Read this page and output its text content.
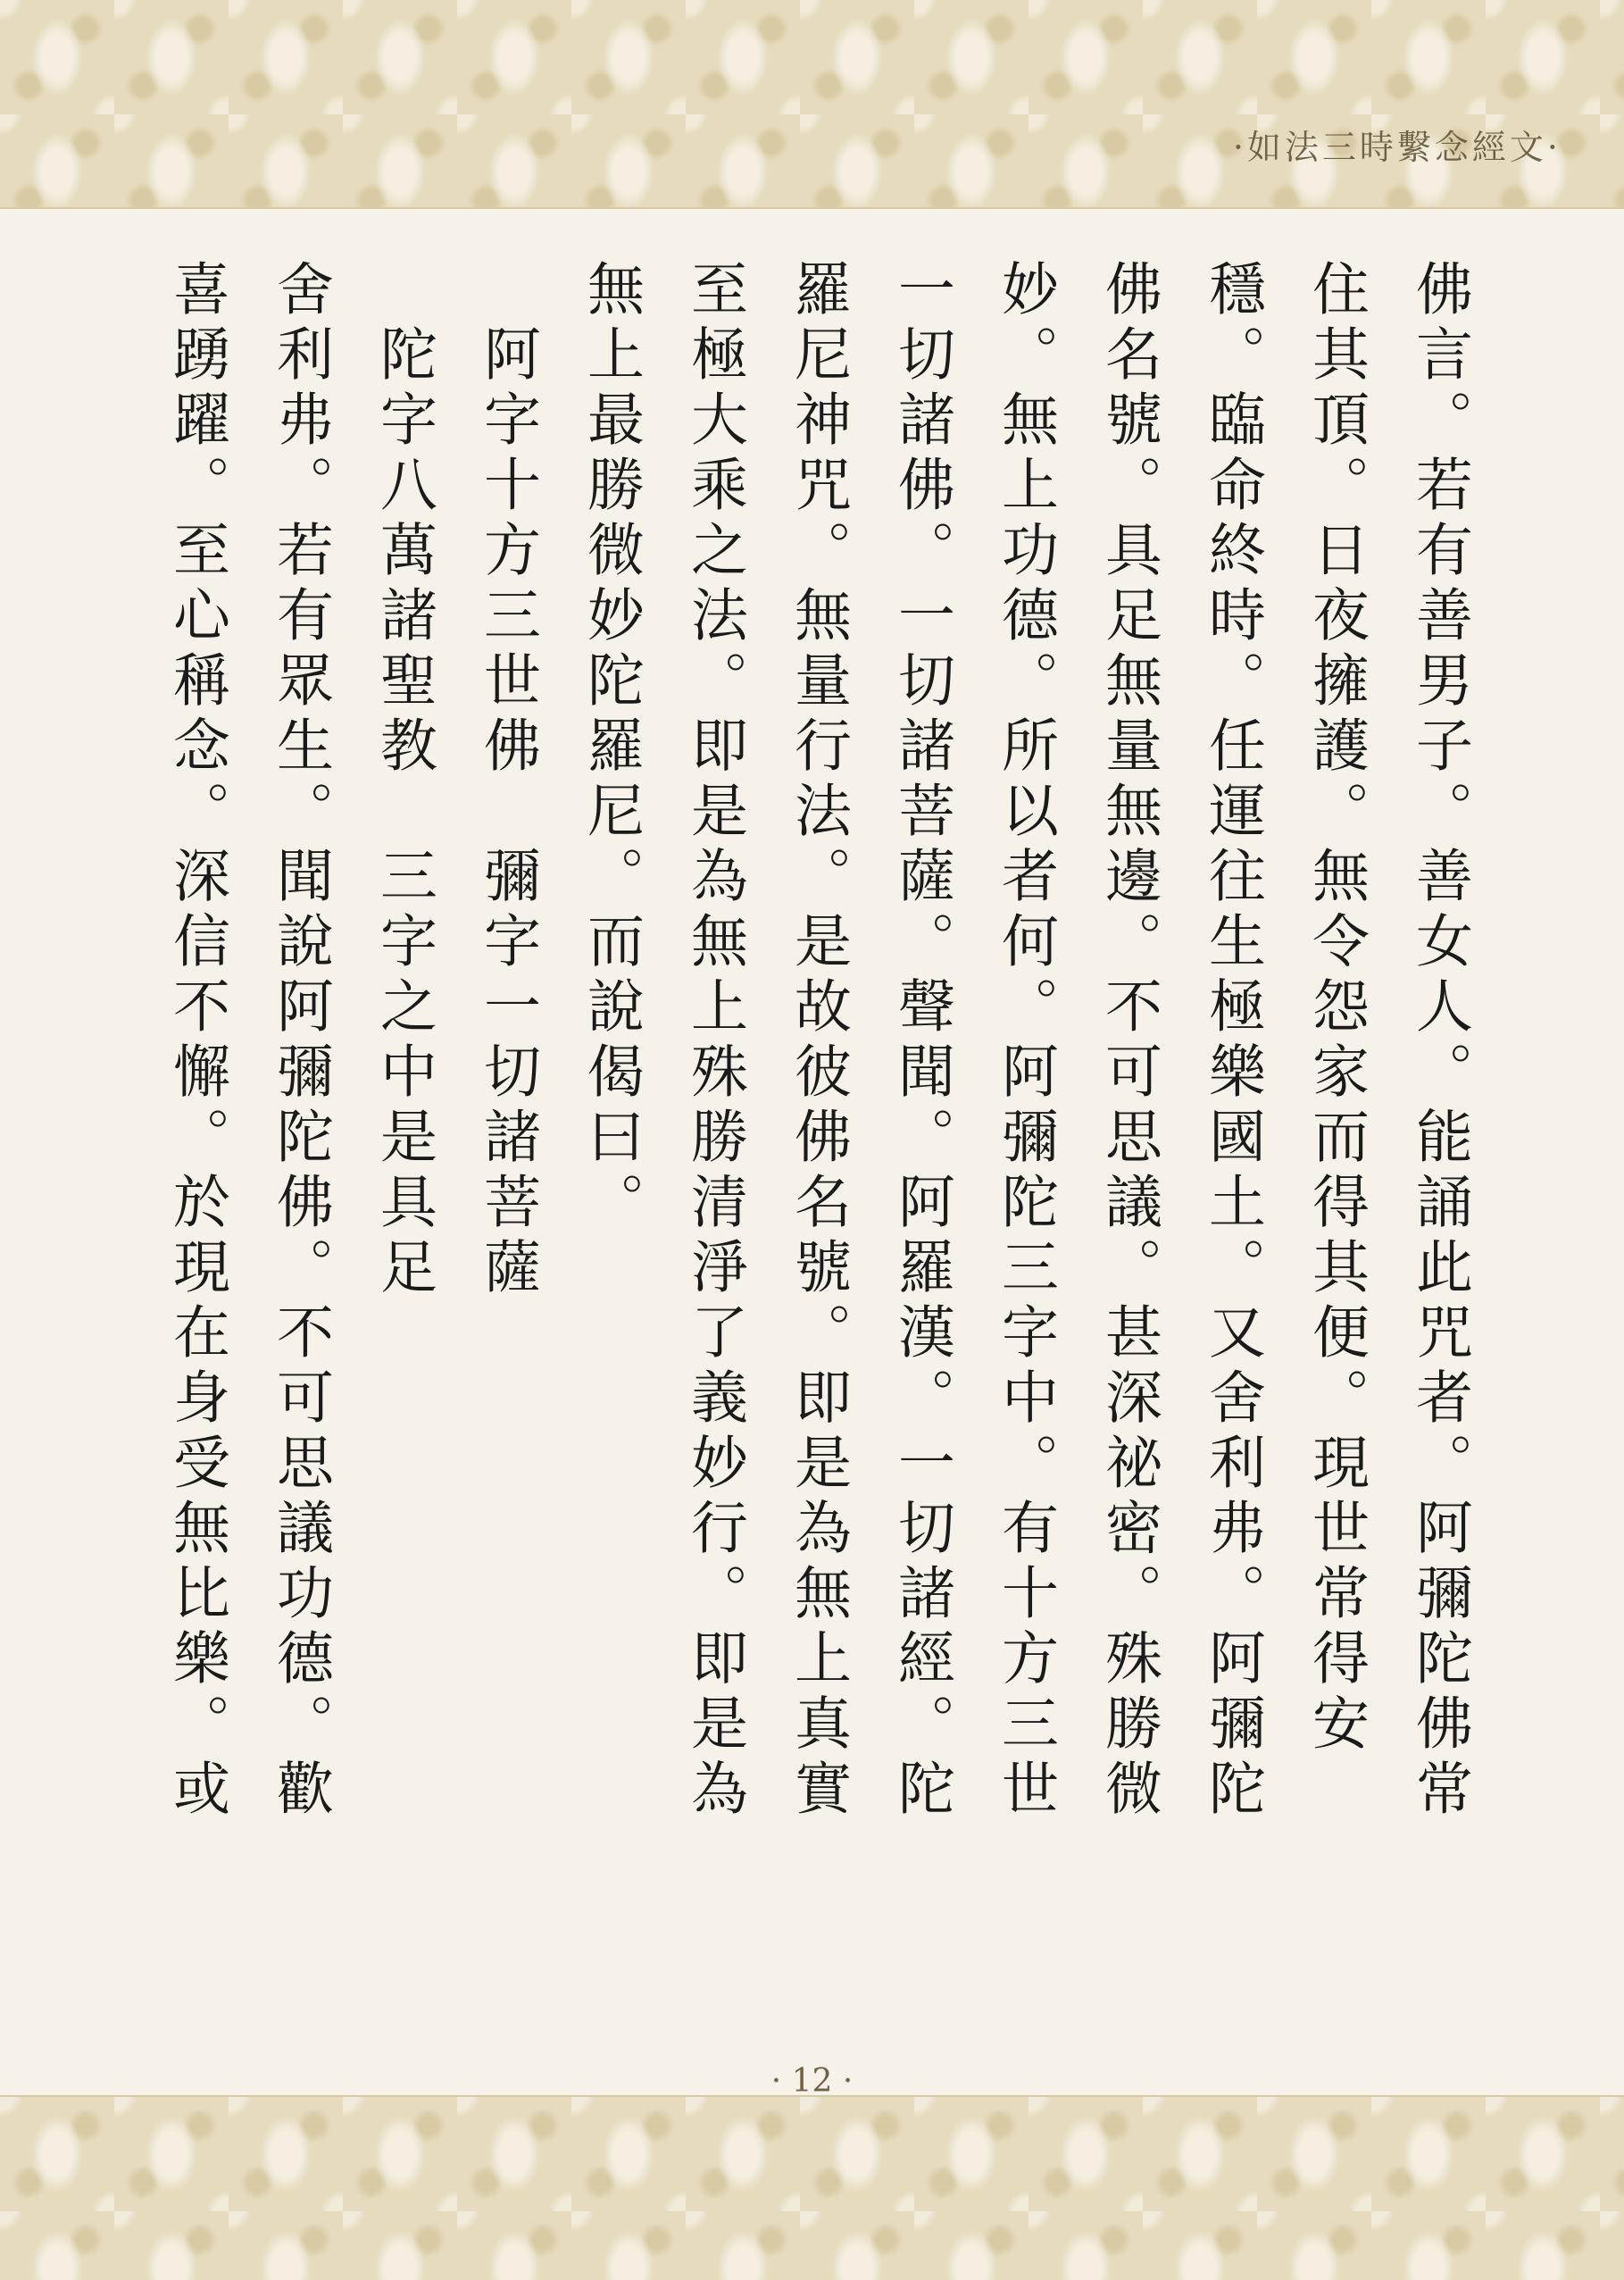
·如法三時繫念經文·
佛言。若有善男子。善女人。能誦此咒者。阿彌陀佛常
住其頂。日夜擁護。無令怨家而得其便。現世常得安
穩。臨命終時。任運往生極樂國土。又舍利弗。阿彌陀
佛名號。具足無量無邊。不可思議。甚深祕密。殊勝微
妙。無上功德。所以者何。阿彌陀三字中。有十方三世
一切諸佛。一切諸菩薩。聲聞。阿羅漢。一切諸經。陀
羅尼神咒。無量行法。是故彼佛名號。即是為無上真實
至極大乘之法。即是為無上殊勝清淨了義妙行。即是為
無上最勝微妙陀羅尼。而說偈曰。
　阿字十方三世佛　彌字一切諸菩薩
　陀字八萬諸聖教　三字之中是具足
舍利弗。若有眾生。聞說阿彌陀佛。不可思議功德。歡
喜踴躍。至心稱念。深信不懈。於現在身受無比樂。或
· 12 ·
